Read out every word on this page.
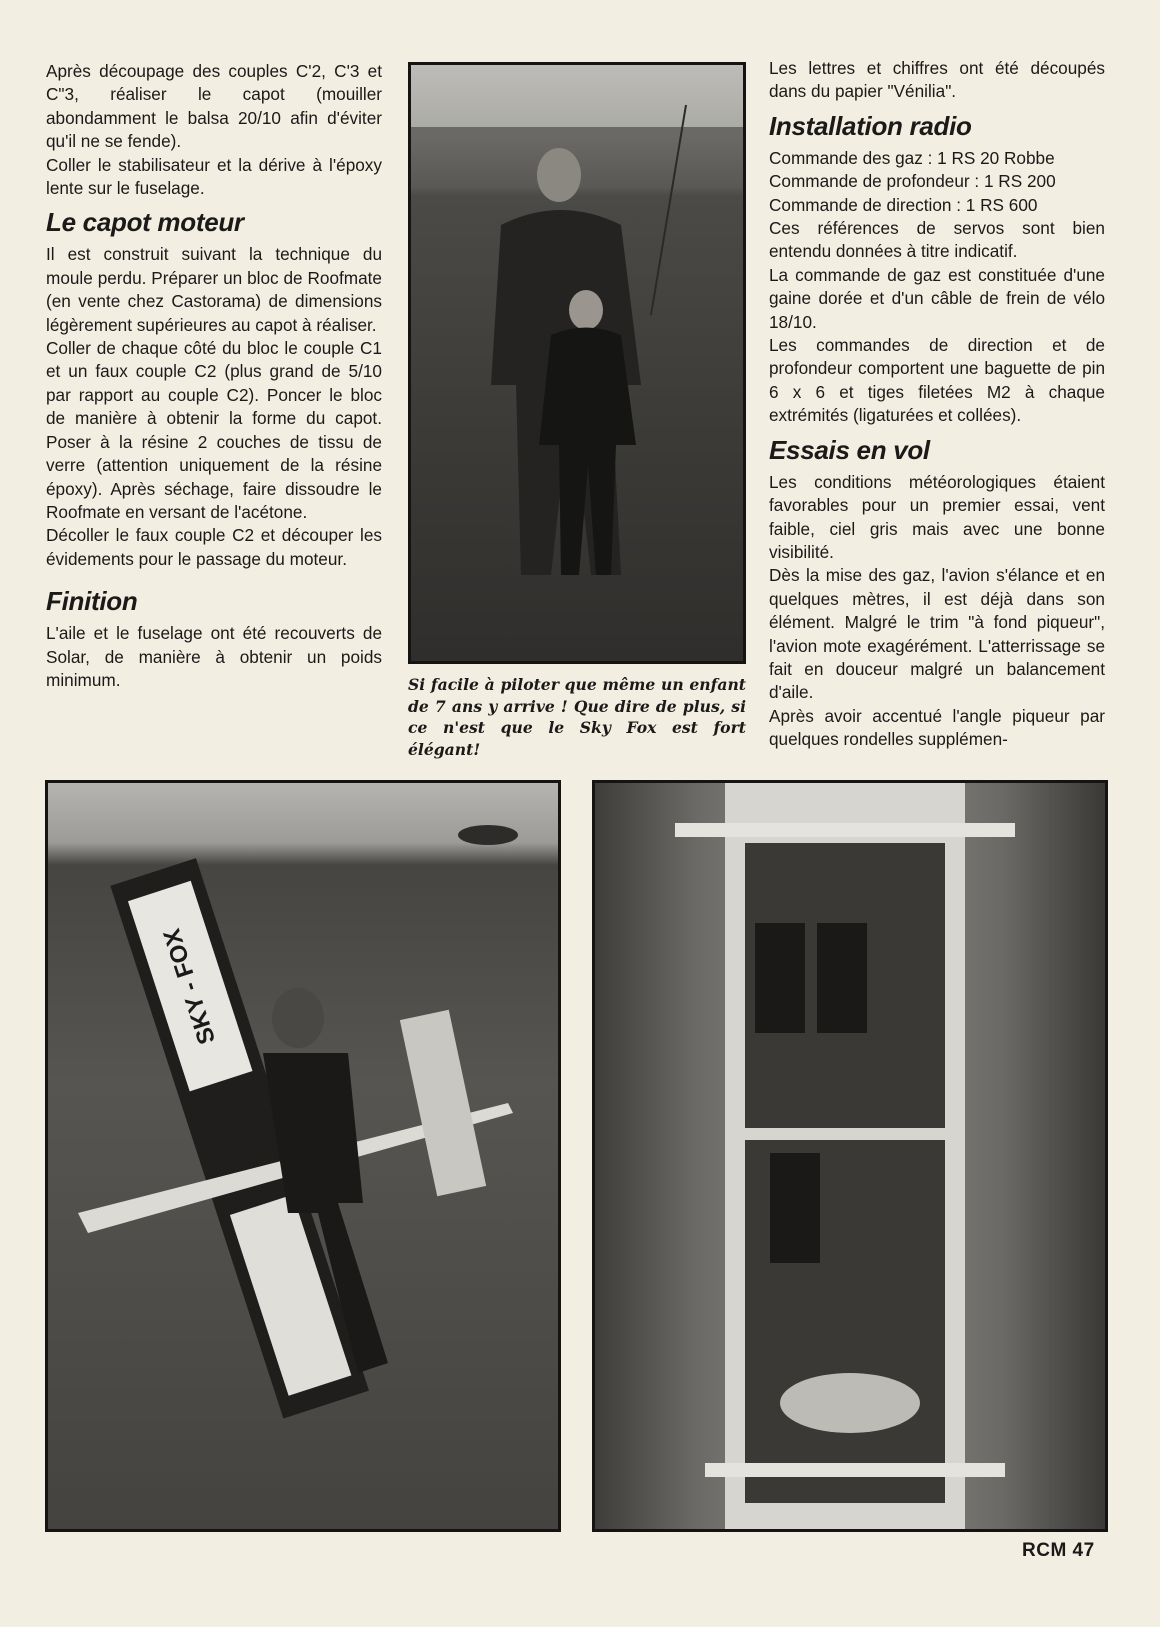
Après découpage des couples C'2, C'3 et C"3, réaliser le capot (mouiller abondamment le balsa 20/10 afin d'éviter qu'il ne se fende).

Coller le stabilisateur et la dérive à l'époxy lente sur le fuselage.

Le capot moteur

Il est construit suivant la technique du moule perdu. Préparer un bloc de Roofmate (en vente chez Castorama) de dimensions légèrement supérieures au capot à réaliser.

Coller de chaque côté du bloc le couple C1 et un faux couple C2 (plus grand de 5/10 par rapport au couple C2). Poncer le bloc de manière à obtenir la forme du capot. Poser à la résine 2 couches de tissu de verre (attention uniquement de la résine époxy). Après séchage, faire dissoudre le Roofmate en versant de l'acétone.

Décoller le faux couple C2 et découper les évidements pour le passage du moteur.

Finition

L'aile et le fuselage ont été recouverts de Solar, de manière à obtenir un poids minimum.	Si facile à piloter que même un enfant de 7 ans y arrive ! Que dire de plus, si ce n'est que le Sky Fox est fort élégant!

Les lettres et chiffres ont été découpés dans du papier "Vénilia".

Installation radio

Commande des gaz : 1 RS 20 Robbe

Commande de profondeur : 1 RS 200

Commande de direction : 1 RS 600

Ces références de servos sont bien entendu données à titre indicatif.

La commande de gaz est constituée d'une gaine dorée et d'un câble de frein de vélo 18/10.

Les commandes de direction et de profondeur comportent une baguette de pin 6 x 6 et tiges filetées M2 à chaque extrémités (ligaturées et collées).

Essais en vol

Les conditions météorologiques étaient favorables pour un premier essai, vent faible, ciel gris mais avec une bonne visibilité.

Dès la mise des gaz, l'avion s'élance et en quelques mètres, il est déjà dans son élément. Malgré le trim "à fond piqueur", l'avion mote exagérément. L'atterrissage se fait en douceur malgré un balancement d'aile.

Après avoir accentué l'angle piqueur par quelques rondelles supplémen-

SKY - FOX
RCM 47
